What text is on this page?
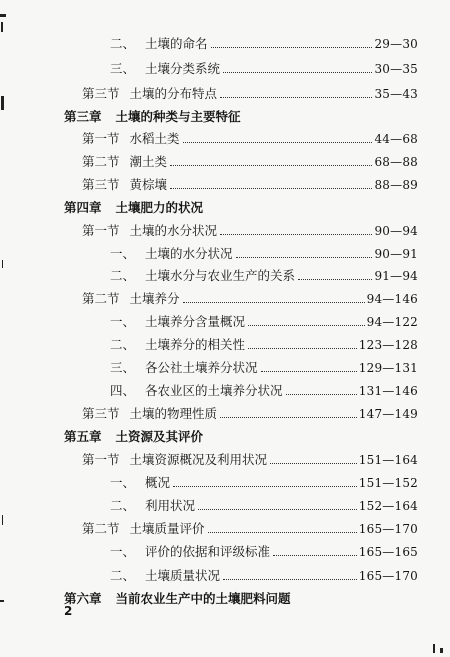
二、 土壤的命名	29—30
三、 土壤分类系统	30—35
第三节 土壤的分布特点	35—43
第三章 土壤的种类与主要特征
第一节 水稻土类	44—68
第二节 潮土类	68—88
第三节 黄棕壤	88—89
第四章 土壤肥力的状况
第一节 土壤的水分状况	90—94
一、 土壤的水分状况	90—91
二、 土壤水分与农业生产的关系	91—94
第二节 土壤养分	94—146
一、 土壤养分含量概况	94—122
二、 土壤养分的相关性	123—128
三、 各公社土壤养分状况	129—131
四、 各农业区的土壤养分状况	131—146
第三节 土壤的物理性质	147—149
第五章 土资源及其评价
第一节 土壤资源概况及利用状况	151—164
一、 概况	151—152
二、 利用状况	152—164
第二节 土壤质量评价	165—170
一、 评价的依据和评级标准	165—165
二、 土壤质量状况	165—170
第六章 当前农业生产中的土壤肥料问题
2
